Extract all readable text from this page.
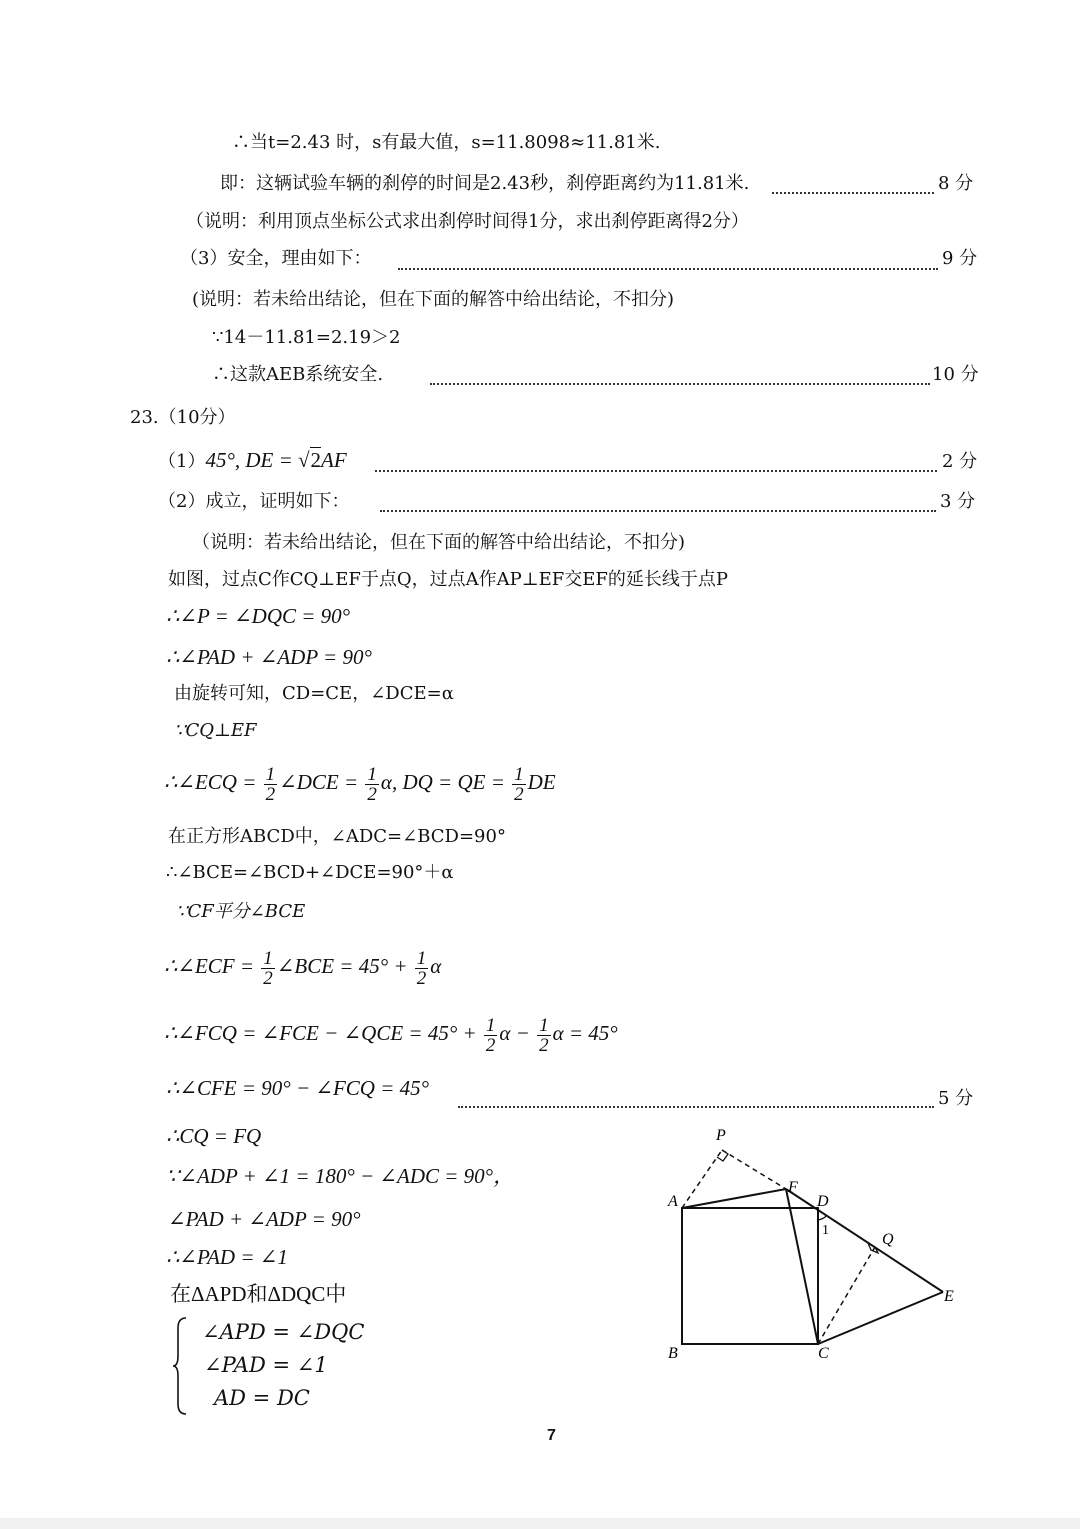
∴当t=2.43 时，s有最大值，s=11.8098≈11.81米.
即：这辆试验车辆的刹停的时间是2.43秒，刹停距离约为11.81米.	8 分
（说明：利用顶点坐标公式求出刹停时间得1分，求出刹停距离得2分）
（3）安全，理由如下：	9 分
(说明：若未给出结论，但在下面的解答中给出结论，不扣分)
∵14－11.81=2.19＞2
∴这款AEB系统安全.	10 分
23.（10分）
（1）45°, DE = √2AF	2 分
（2）成立，证明如下：	3 分
（说明：若未给出结论，但在下面的解答中给出结论，不扣分)
如图，过点C作CQ⊥EF于点Q，过点A作AP⊥EF交EF的延长线于点P
∴∠P = ∠DQC = 90°
∴∠PAD + ∠ADP = 90°
由旋转可知，CD=CE，∠DCE=α
∵CQ⊥EF
∴∠ECQ = $\frac{1}{2}$ ∠DCE = $\frac{1}{2} \alpha$, DQ = QE = $\frac{1}{2}$ DE
在正方形ABCD中，∠ADC=∠BCD=90°
∴∠BCE=∠BCD+∠DCE=90°＋α
∵CF平分∠BCE
∴∠ECF = $\frac{1}{2}$ ∠BCE = $45^\circ + \frac{1}{2}$ α
∴∠FCQ = ∠FCE − ∠QCE = $45^\circ + \frac{1}{2}$ $\alpha - \frac{1}{2}$ α = 45°
∴∠CFE = 90° − ∠FCQ = 45°	5 分
∴CQ = FQ
∵∠ADP + ∠1 = 180° − ∠ADC = 90°，
∠PAD + ∠ADP = 90°
∴∠PAD = ∠1
在ΔAPD和ΔDQC中
∠APD = ∠DQC
∠PAD = ∠1
AD = DC
P
A
F
D
1
Q
E
B	C
7
